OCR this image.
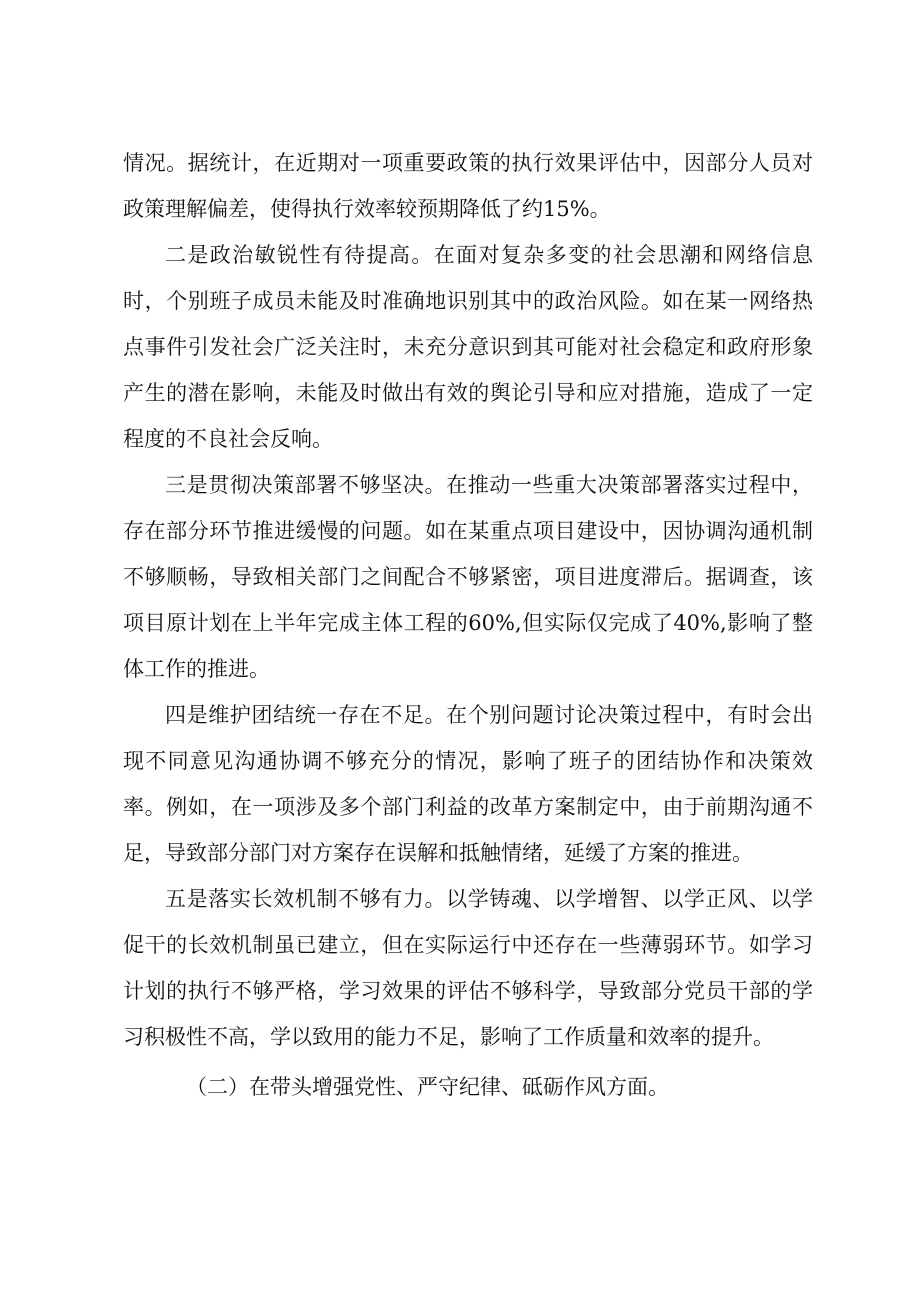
情况。据统计，在近期对一项重要政策的执行效果评估中，因部分人员对政策理解偏差，使得执行效率较预期降低了约15%。

二是政治敏锐性有待提高。在面对复杂多变的社会思潮和网络信息时，个别班子成员未能及时准确地识别其中的政治风险。如在某一网络热点事件引发社会广泛关注时，未充分意识到其可能对社会稳定和政府形象产生的潜在影响，未能及时做出有效的舆论引导和应对措施，造成了一定程度的不良社会反响。

三是贯彻决策部署不够坚决。在推动一些重大决策部署落实过程中，存在部分环节推进缓慢的问题。如在某重点项目建设中，因协调沟通机制不够顺畅，导致相关部门之间配合不够紧密，项目进度滞后。据调查，该项目原计划在上半年完成主体工程的60%,但实际仅完成了40%,影响了整体工作的推进。

四是维护团结统一存在不足。在个别问题讨论决策过程中，有时会出现不同意见沟通协调不够充分的情况，影响了班子的团结协作和决策效率。例如，在一项涉及多个部门利益的改革方案制定中，由于前期沟通不足，导致部分部门对方案存在误解和抵触情绪，延缓了方案的推进。

五是落实长效机制不够有力。以学铸魂、以学增智、以学正风、以学促干的长效机制虽已建立，但在实际运行中还存在一些薄弱环节。如学习计划的执行不够严格，学习效果的评估不够科学，导致部分党员干部的学习积极性不高，学以致用的能力不足，影响了工作质量和效率的提升。

（二）在带头增强党性、严守纪律、砥砺作风方面。
